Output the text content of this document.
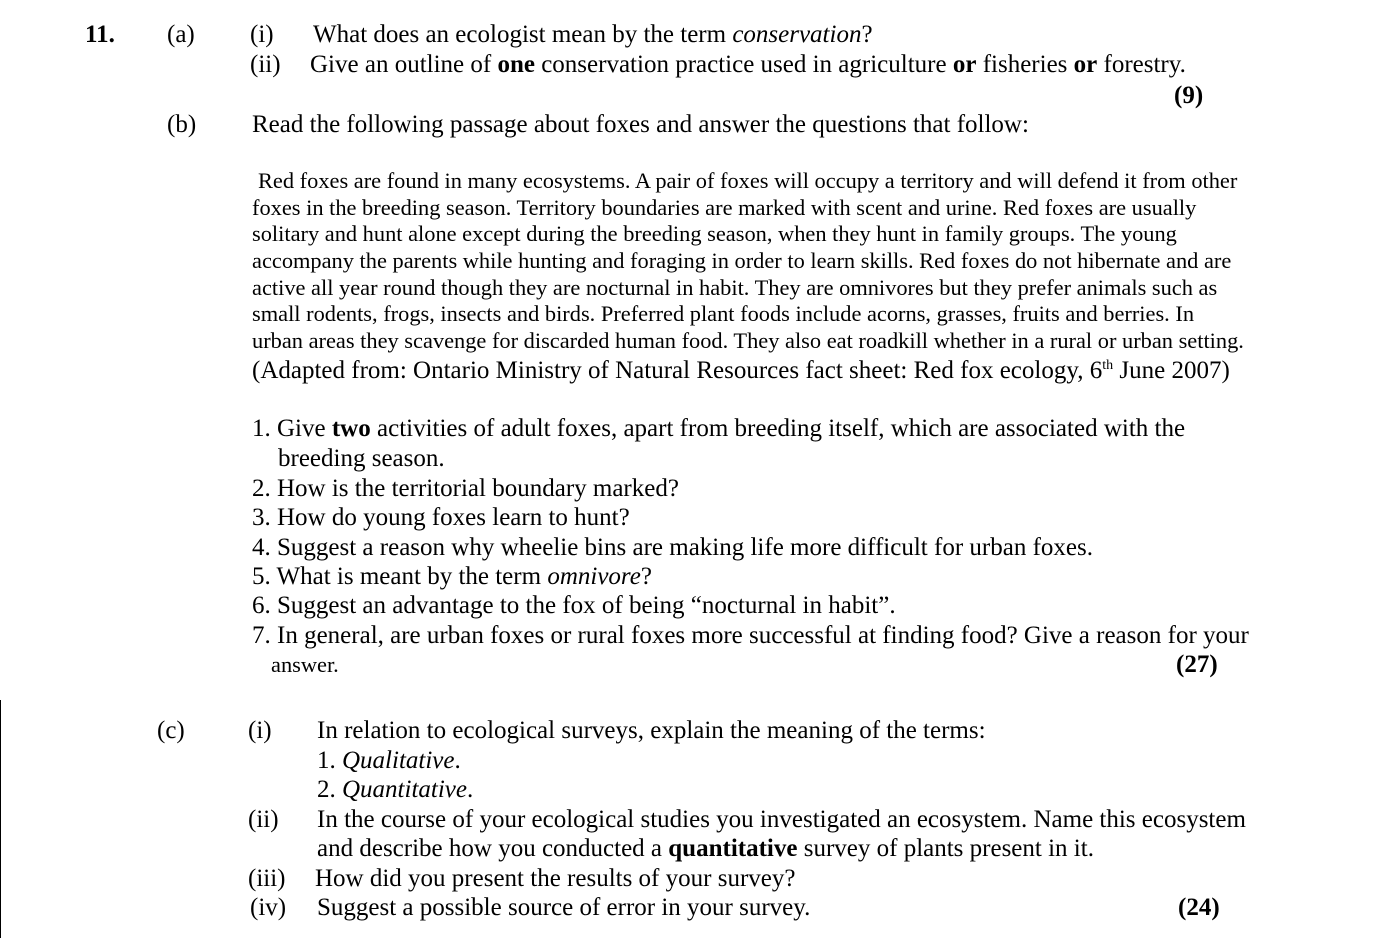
11. (a) (i) What does an ecologist mean by the term conservation?
(ii) Give an outline of one conservation practice used in agriculture or fisheries or forestry.
(9)
(b) Read the following passage about foxes and answer the questions that follow:
Red foxes are found in many ecosystems. A pair of foxes will occupy a territory and will defend it from other
foxes in the breeding season. Territory boundaries are marked with scent and urine. Red foxes are usually
solitary and hunt alone except during the breeding season, when they hunt in family groups. The young
accompany the parents while hunting and foraging in order to learn skills. Red foxes do not hibernate and are
active all year round though they are nocturnal in habit. They are omnivores but they prefer animals such as
small rodents, frogs, insects and birds. Preferred plant foods include acorns, grasses, fruits and berries. In
urban areas they scavenge for discarded human food. They also eat roadkill whether in a rural or urban setting.
(Adapted from: Ontario Ministry of Natural Resources fact sheet: Red fox ecology, 6th June 2007)
1. Give two activities of adult foxes, apart from breeding itself, which are associated with the
breeding season.
2. How is the territorial boundary marked?
3. How do young foxes learn to hunt?
4. Suggest a reason why wheelie bins are making life more difficult for urban foxes.
5. What is meant by the term omnivore?
6. Suggest an advantage to the fox of being “nocturnal in habit”.
7. In general, are urban foxes or rural foxes more successful at finding food? Give a reason for your
answer.	(27)
(c)	(i) In relation to ecological surveys, explain the meaning of the terms:
1. Qualitative.
2. Quantitative.
(ii) In the course of your ecological studies you investigated an ecosystem. Name this ecosystem
and describe how you conducted a quantitative survey of plants present in it.
(iii) How did you present the results of your survey?
(iv) Suggest a possible source of error in your survey.	(24)
